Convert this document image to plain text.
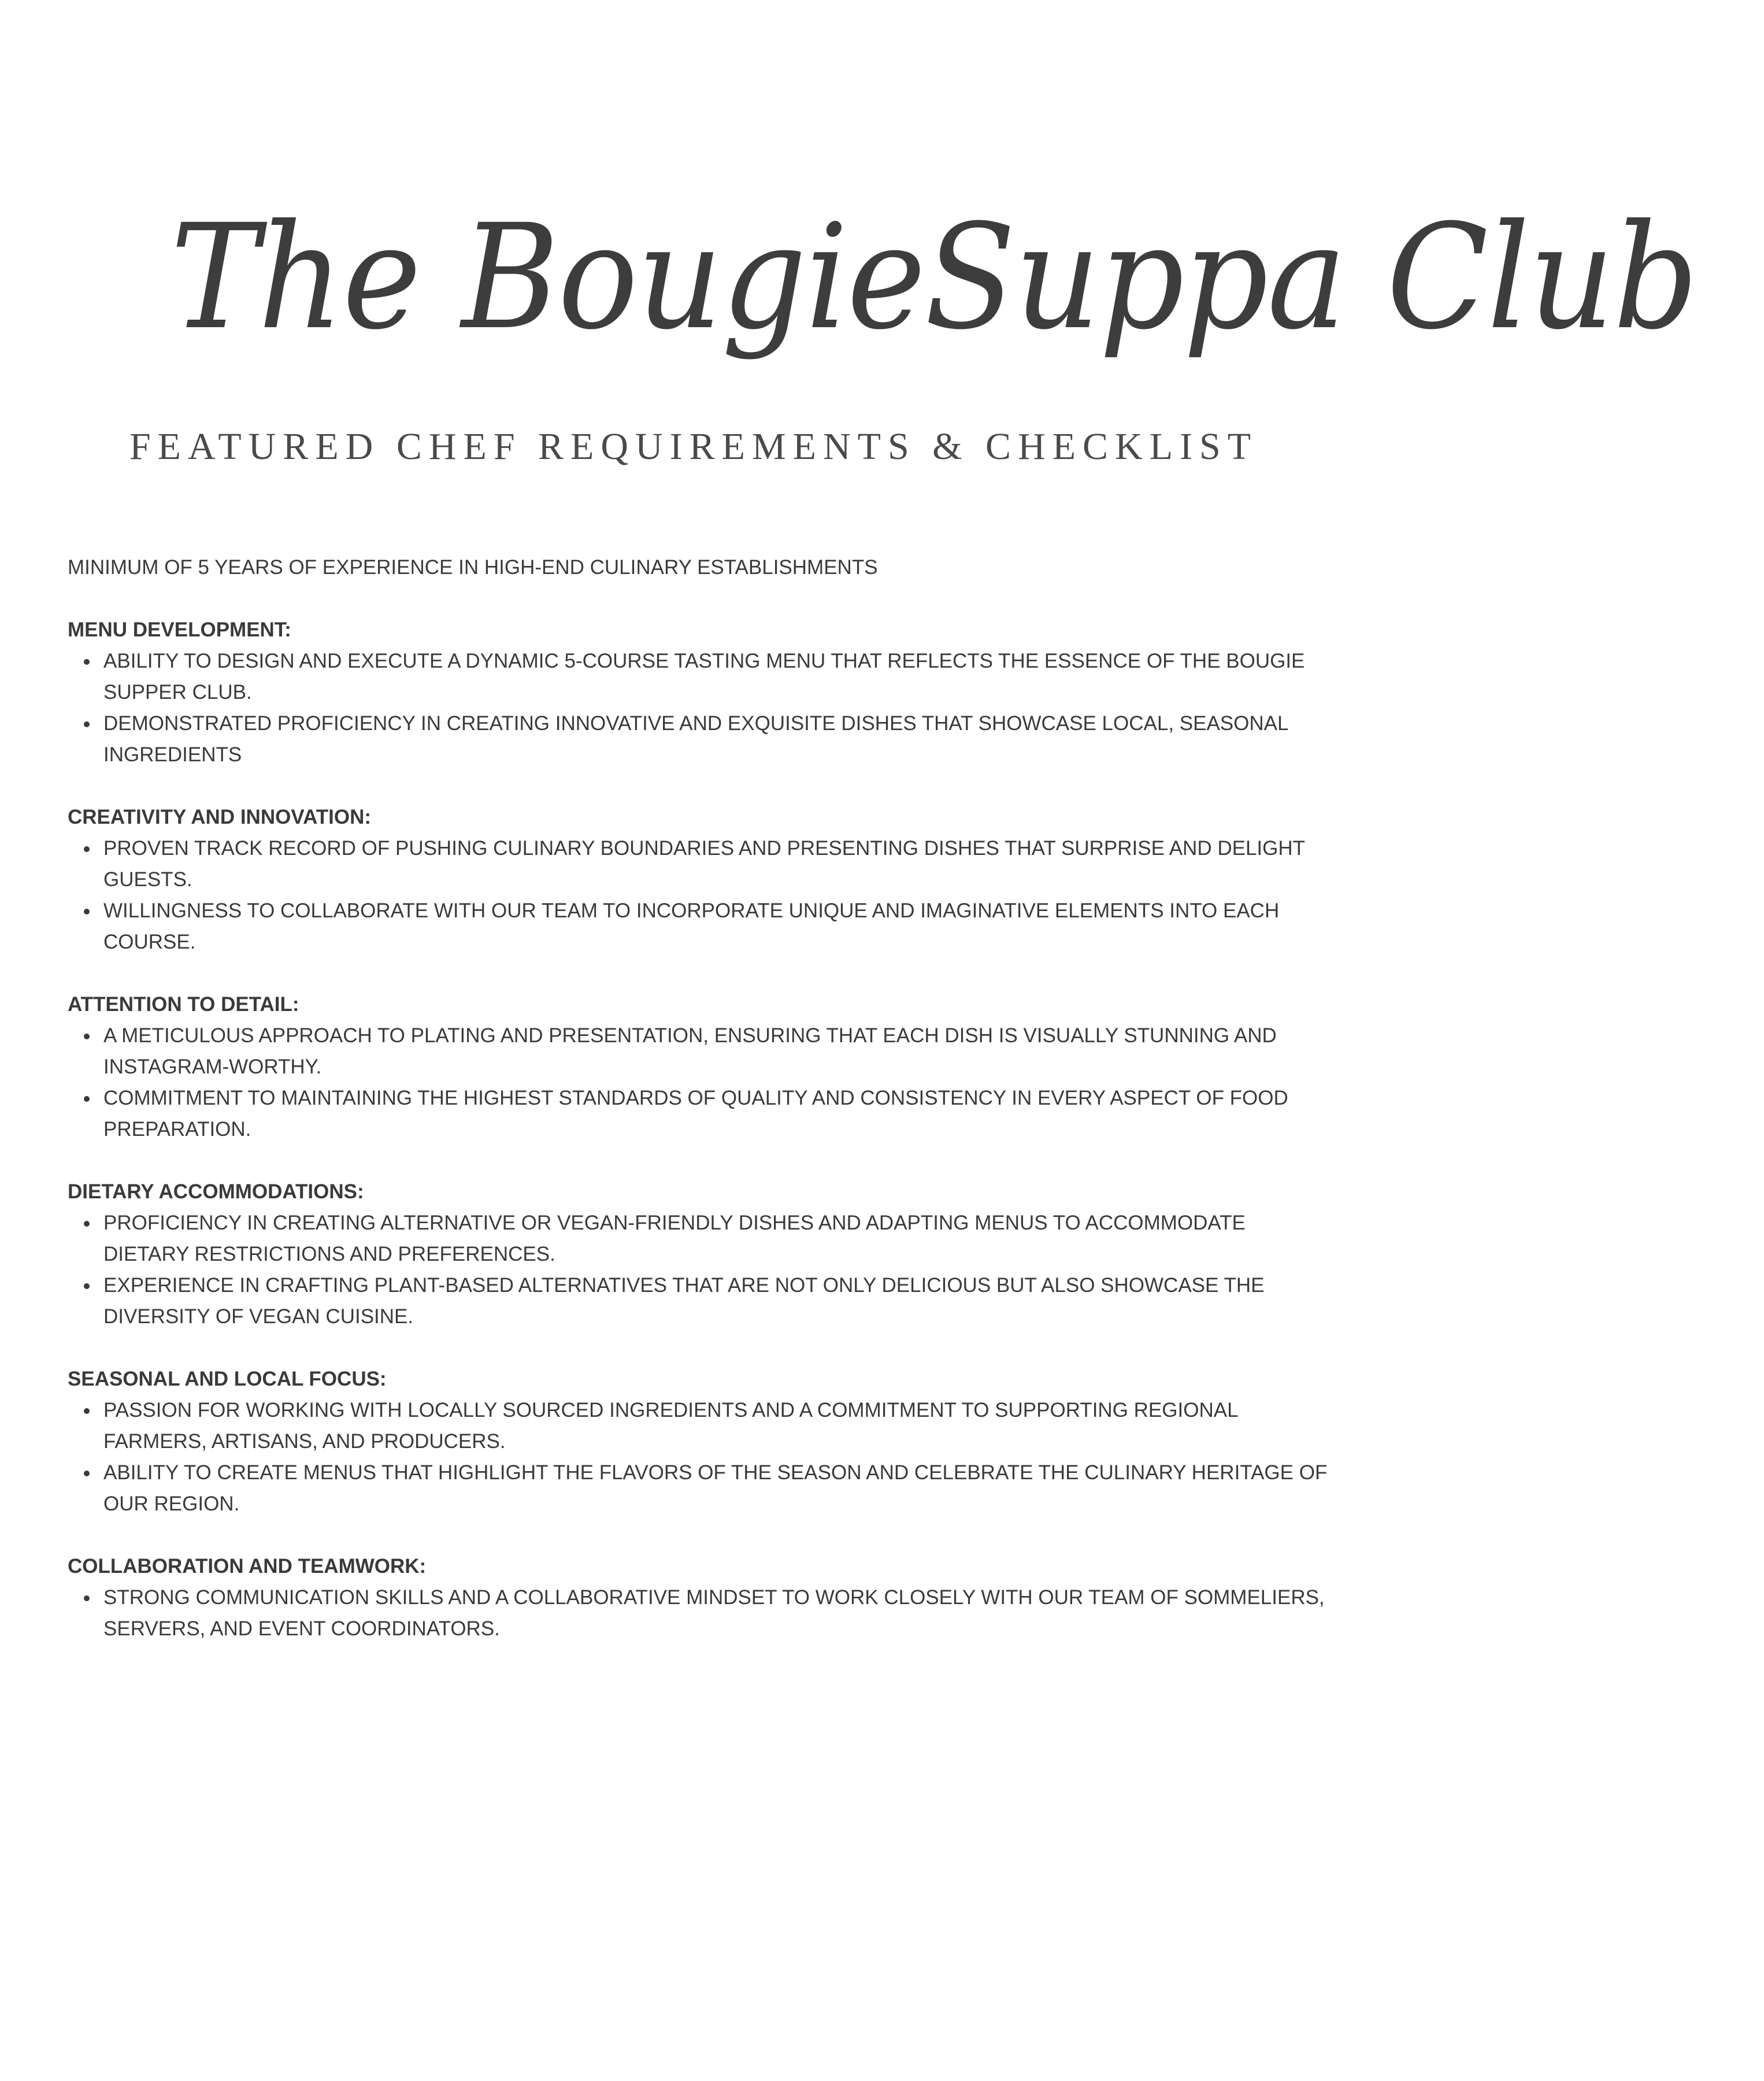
The BougieSuppa Club
FEATURED CHEF REQUIREMENTS & CHECKLIST

MINIMUM OF 5 YEARS OF EXPERIENCE IN HIGH-END CULINARY ESTABLISHMENTS

MENU DEVELOPMENT:

ABILITY TO DESIGN AND EXECUTE A DYNAMIC 5-COURSE TASTING MENU THAT REFLECTS THE ESSENCE OF THE BOUGIE SUPPER CLUB.
DEMONSTRATED PROFICIENCY IN CREATING INNOVATIVE AND EXQUISITE DISHES THAT SHOWCASE LOCAL, SEASONAL INGREDIENTS

CREATIVITY AND INNOVATION:

PROVEN TRACK RECORD OF PUSHING CULINARY BOUNDARIES AND PRESENTING DISHES THAT SURPRISE AND DELIGHT GUESTS.
WILLINGNESS TO COLLABORATE WITH OUR TEAM TO INCORPORATE UNIQUE AND IMAGINATIVE ELEMENTS INTO EACH COURSE.

ATTENTION TO DETAIL:

A METICULOUS APPROACH TO PLATING AND PRESENTATION, ENSURING THAT EACH DISH IS VISUALLY STUNNING AND INSTAGRAM-WORTHY.
COMMITMENT TO MAINTAINING THE HIGHEST STANDARDS OF QUALITY AND CONSISTENCY IN EVERY ASPECT OF FOOD PREPARATION.

DIETARY ACCOMMODATIONS:

PROFICIENCY IN CREATING ALTERNATIVE OR VEGAN-FRIENDLY DISHES AND ADAPTING MENUS TO ACCOMMODATE DIETARY RESTRICTIONS AND PREFERENCES.
EXPERIENCE IN CRAFTING PLANT-BASED ALTERNATIVES THAT ARE NOT ONLY DELICIOUS BUT ALSO SHOWCASE THE DIVERSITY OF VEGAN CUISINE.

SEASONAL AND LOCAL FOCUS:

PASSION FOR WORKING WITH LOCALLY SOURCED INGREDIENTS AND A COMMITMENT TO SUPPORTING REGIONAL FARMERS, ARTISANS, AND PRODUCERS.
ABILITY TO CREATE MENUS THAT HIGHLIGHT THE FLAVORS OF THE SEASON AND CELEBRATE THE CULINARY HERITAGE OF OUR REGION.

COLLABORATION AND TEAMWORK:

STRONG COMMUNICATION SKILLS AND A COLLABORATIVE MINDSET TO WORK CLOSELY WITH OUR TEAM OF SOMMELIERS, SERVERS, AND EVENT COORDINATORS.
